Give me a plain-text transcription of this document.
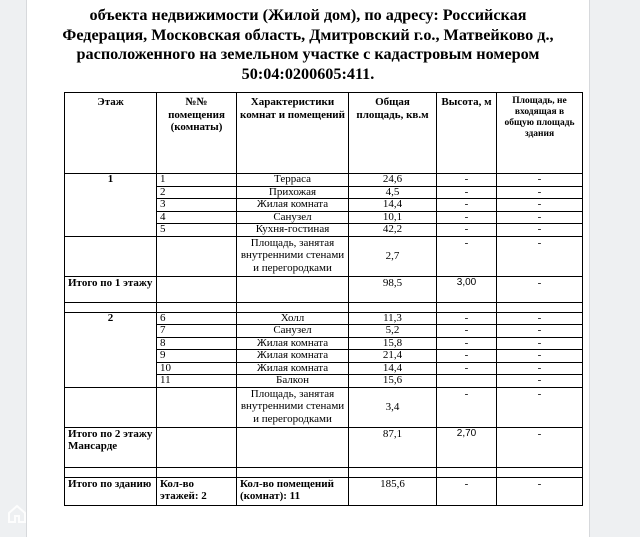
объекта недвижимости (Жилой дом), по адресу: Российская
Федерация, Московская область, Дмитровский г.о., Матвейково д.,
расположенного на земельном участке с кадастровым номером
50:04:0200605:411.
Этаж	№№ помещения (комнаты)	Характеристики комнат и помещений	Общая площадь, кв.м	Высота, м	Площадь, не входящая в общую площадь здания
1	1	Терраса	24,6	-	-
	2	Прихожая	4,5	-	-
	3	Жилая комната	14,4	-	-
	4	Санузел	10,1	-	-
	5	Кухня-гостиная	42,2	-	-
		Площадь, занятая внутренними стенами и перегородками	2,7	-	-
Итого по 1 этажу			98,5	3,00	-

2	6	Холл	11,3	-	-
	7	Санузел	5,2	-	-
	8	Жилая комната	15,8	-	-
	9	Жилая комната	21,4	-	-
	10	Жилая комната	14,4	-	-
	11	Балкон	15,6		-
		Площадь, занятая внутренними стенами и перегородками	3,4	-	-
Итого по 2 этажу Мансарде			87,1	2,70	-

Итого по зданию	Кол-во этажей: 2	Кол-во помещений (комнат): 11	185,6	-	-
Домклик
